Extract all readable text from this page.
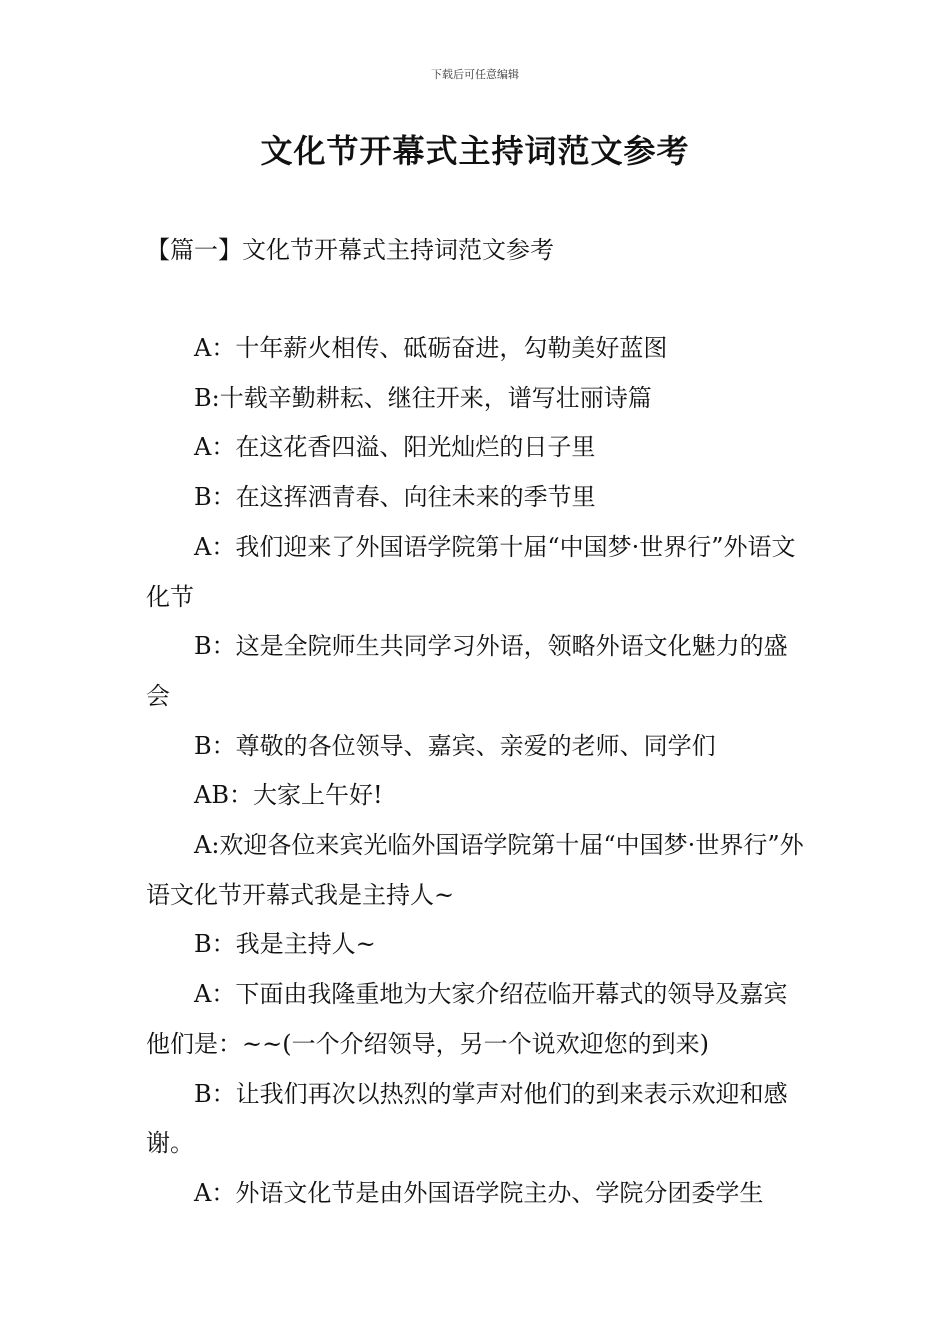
下载后可任意编辑
文化节开幕式主持词范文参考
【篇一】文化节开幕式主持词范文参考

A：十年薪火相传、砥砺奋进，勾勒美好蓝图

B:十载辛勤耕耘、继往开来，谱写壮丽诗篇

A：在这花香四溢、阳光灿烂的日子里

B：在这挥洒青春、向往未来的季节里

A：我们迎来了外国语学院第十届“中国梦·世界行”外语文化节

B：这是全院师生共同学习外语，领略外语文化魅力的盛会

B：尊敬的各位领导、嘉宾、亲爱的老师、同学们

AB：大家上午好!

A:欢迎各位来宾光临外国语学院第十届“中国梦·世界行”外语文化节开幕式我是主持人~

B：我是主持人~

A：下面由我隆重地为大家介绍莅临开幕式的领导及嘉宾他们是：~~(一个介绍领导，另一个说欢迎您的到来)

B：让我们再次以热烈的掌声对他们的到来表示欢迎和感谢。

A：外语文化节是由外国语学院主办、学院分团委学生
